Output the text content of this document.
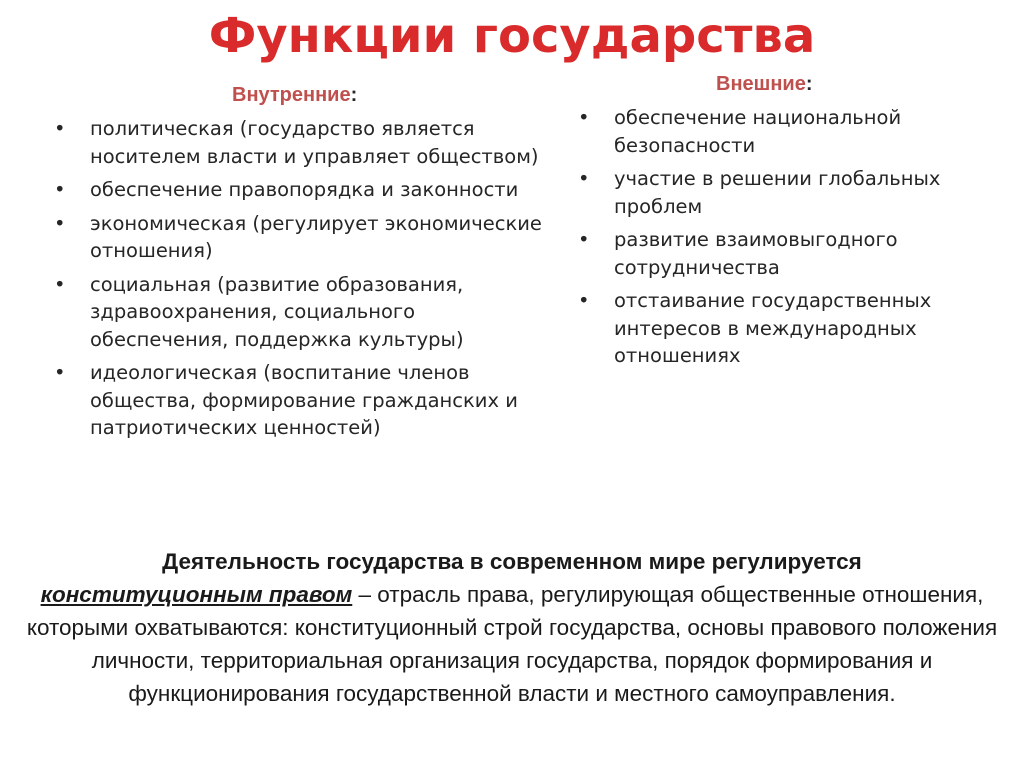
Функции государства
Внутренние:	Внешние:
•	политическая (государство является носителем власти и управляет обществом)
•	обеспечение правопорядка и законности
•	экономическая (регулирует экономические отношения)
•	социальная (развитие образования, здравоохранения, социального обеспечения, поддержка культуры)
•	идеологическая (воспитание членов общества, формирование гражданских и патриотических ценностей)
•	обеспечение национальной безопасности
•	участие в решении глобальных проблем
•	развитие взаимовыгодного сотрудничества
•	отстаивание государственных интересов в международных отношениях

Деятельность государства в современном мире регулируется
конституционным правом – отрасль права, регулирующая общественные отношения, которыми охватываются: конституционный строй государства, основы правового положения личности, территориальная организация государства, порядок формирования и функционирования государственной власти и местного самоуправления.
